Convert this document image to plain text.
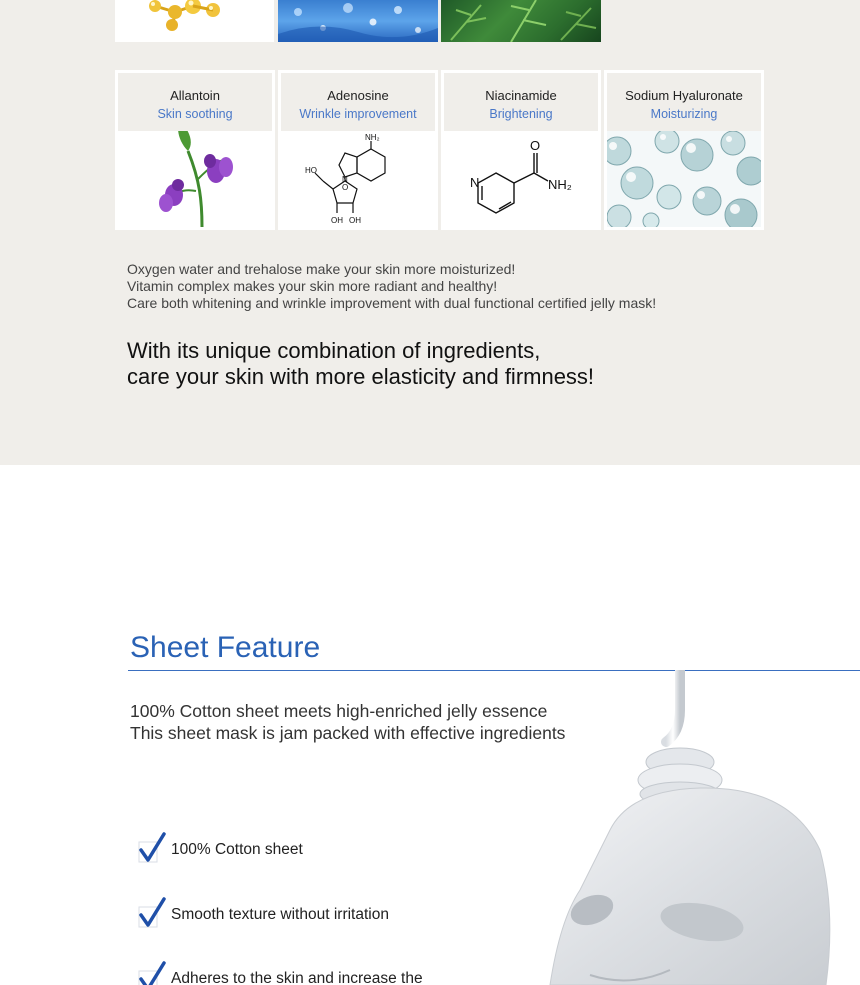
Allantoin
Skin soothing
Adenosine
Wrinkle improvement
NH₂
HO
N
O
OH OH
Niacinamide
Brightening
O
N	NH₂
Sodium Hyaluronate
Moisturizing
Oxygen water and trehalose make your skin more moisturized!
Vitamin complex makes your skin more radiant and healthy!
Care both whitening and wrinkle improvement with dual functional certified jelly mask!
With its unique combination of ingredients,
care your skin with more elasticity and firmness!
Sheet Feature
100% Cotton sheet meets high-enriched jelly essence
This sheet mask is jam packed with effective ingredients
100% Cotton sheet
Smooth texture without irritation
Adheres to the skin and increase the
